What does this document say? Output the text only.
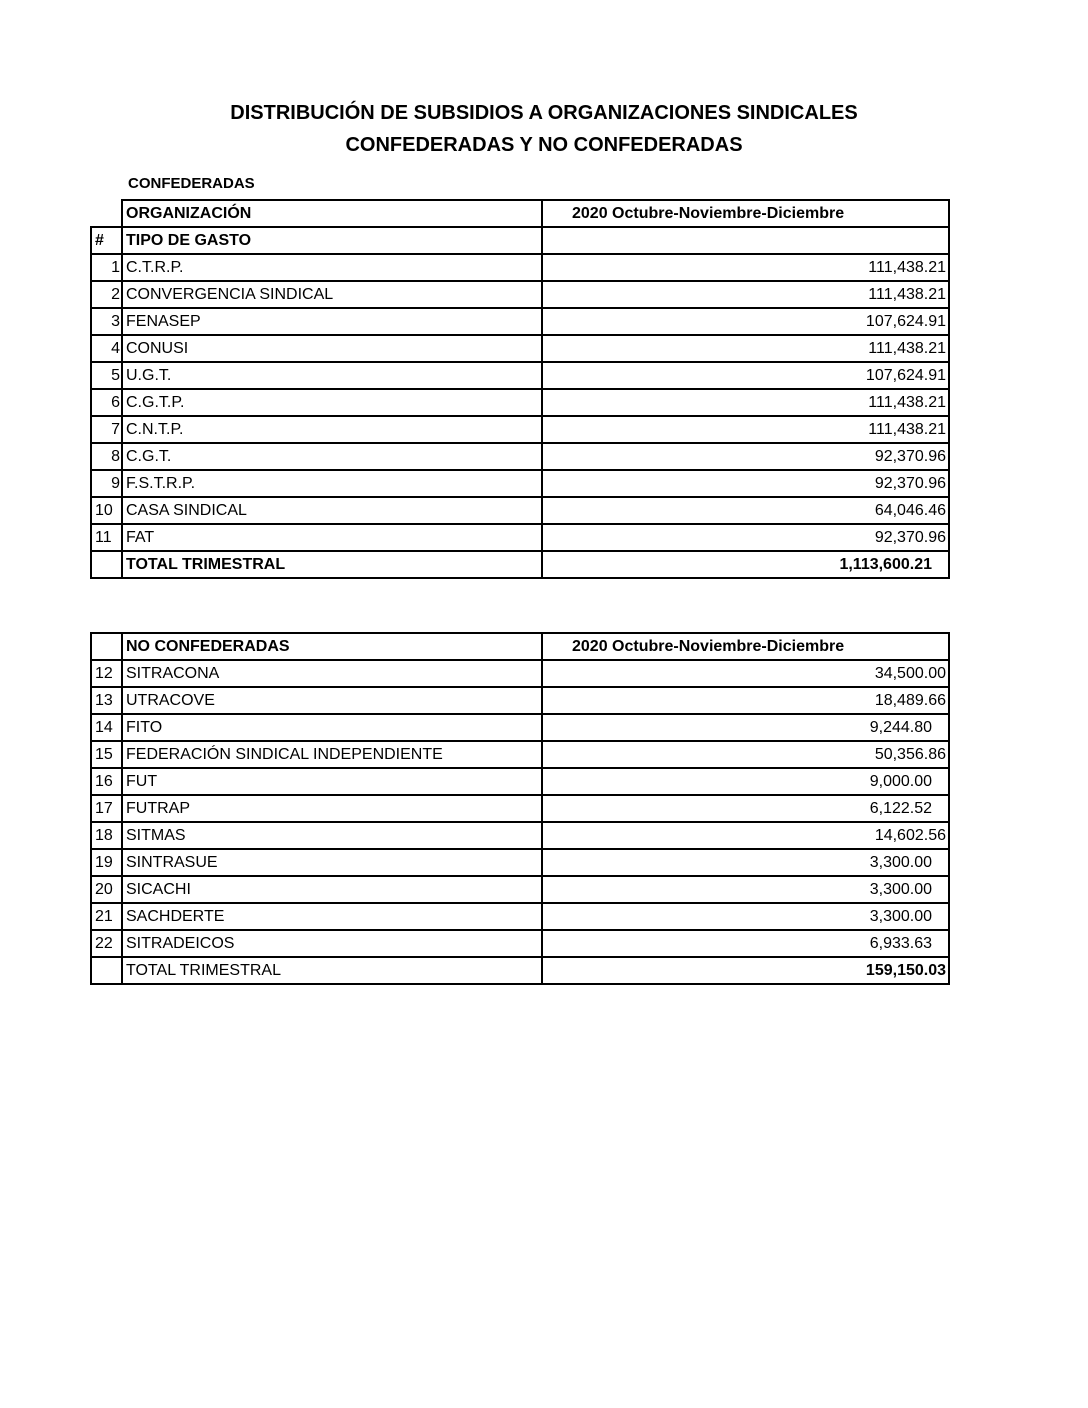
DISTRIBUCIÓN DE SUBSIDIOS A ORGANIZACIONES SINDICALES
CONFEDERADAS Y NO CONFEDERADAS
CONFEDERADAS
	ORGANIZACIÓN	2020 Octubre-Noviembre-Diciembre
#	TIPO DE GASTO	
1	C.T.R.P.	111,438.21
2	CONVERGENCIA SINDICAL	111,438.21
3	FENASEP	107,624.91
4	CONUSI	111,438.21
5	U.G.T.	107,624.91
6	C.G.T.P.	111,438.21
7	C.N.T.P.	111,438.21
8	C.G.T.	92,370.96
9	F.S.T.R.P.	92,370.96
10	CASA SINDICAL	64,046.46
11	FAT	92,370.96
	TOTAL TRIMESTRAL	1,113,600.21
	NO CONFEDERADAS	2020 Octubre-Noviembre-Diciembre
12	SITRACONA	34,500.00
13	UTRACOVE	18,489.66
14	FITO	9,244.80
15	FEDERACIÓN SINDICAL INDEPENDIENTE	50,356.86
16	FUT	9,000.00
17	FUTRAP	6,122.52
18	SITMAS	14,602.56
19	SINTRASUE	3,300.00
20	SICACHI	3,300.00
21	SACHDERTE	3,300.00
22	SITRADEICOS	6,933.63
	TOTAL TRIMESTRAL	159,150.03
